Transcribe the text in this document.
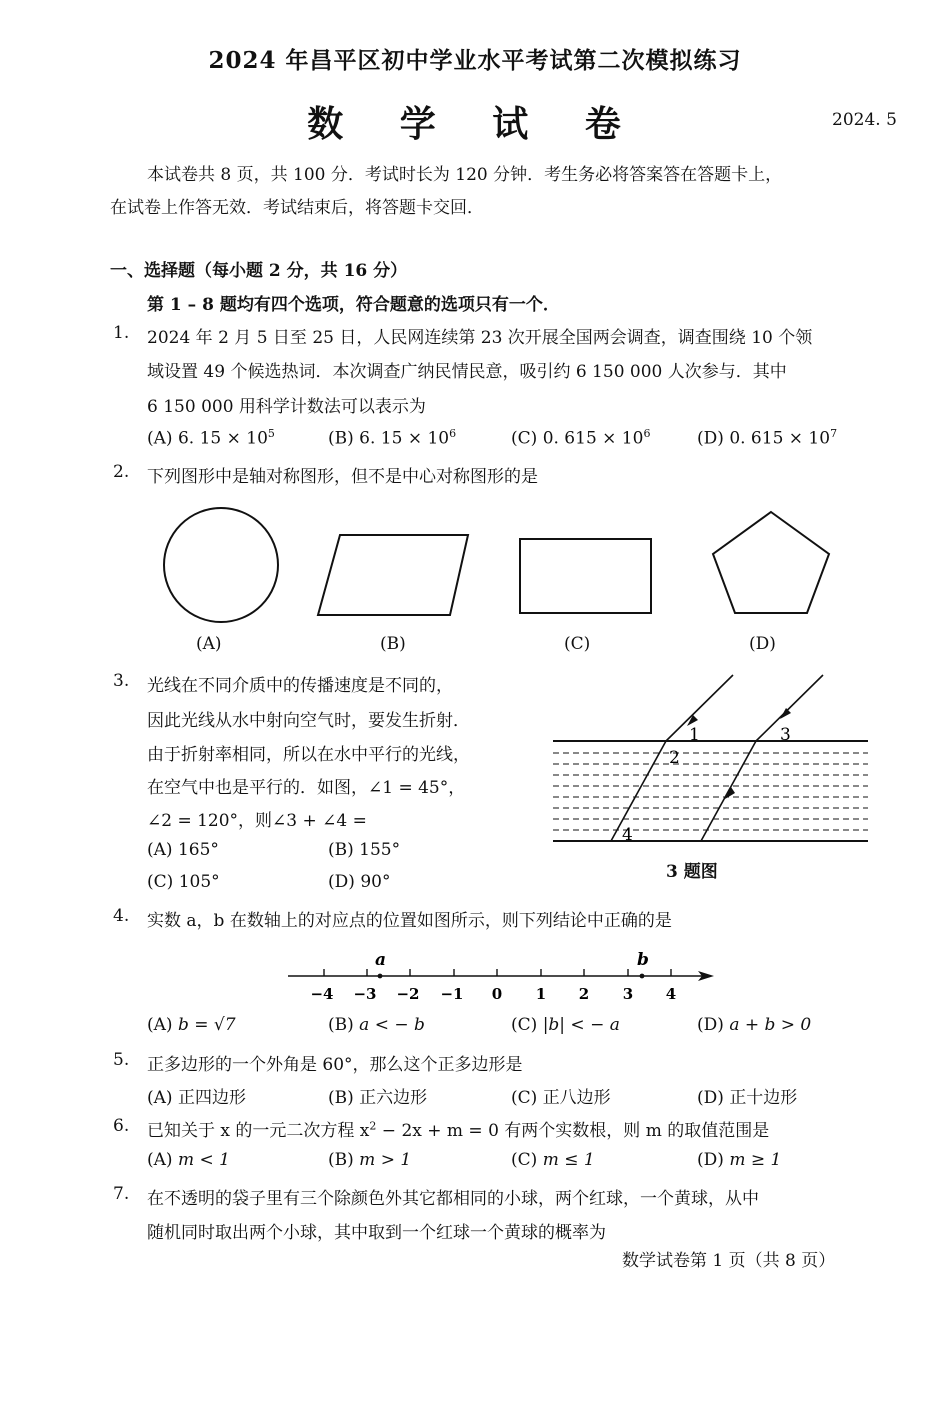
2024 年昌平区初中学业水平考试第二次模拟练习
数 学 试 卷	2024. 5
本试卷共 8 页，共 100 分．考试时长为 120 分钟．考生务必将答案答在答题卡上，
在试卷上作答无效．考试结束后，将答题卡交回．
一、选择题（每小题 2 分，共 16 分）
第 1 – 8 题均有四个选项，符合题意的选项只有一个．
1. 2024 年 2 月 5 日至 25 日，人民网连续第 23 次开展全国两会调查，调查围绕 10 个领
域设置 49 个候选热词．本次调查广纳民情民意，吸引约 6 150 000 人次参与．其中
6 150 000 用科学计数法可以表示为
(A) 6. $15 \times 10^5$	(B) 6. $15 \times 10^6$	(C) 0. $615 \times 10^6$	(D) 0. $615 \times 10^7$
2. 下列图形中是轴对称图形，但不是中心对称图形的是
(A)	(B)	(C)	(D)
3. 光线在不同介质中的传播速度是不同的，
因此光线从水中射向空气时，要发生折射．
由于折射率相同，所以在水中平行的光线，
在空气中也是平行的．如图，∠1 = 45°，
∠2 = 120°，则∠3 + ∠4 =
(A) 165°	(B) 155°
(C) 105°	(D) 90°
1
2
3
4
3 题图
4. 实数 a，b 在数轴上的对应点的位置如图所示，则下列结论中正确的是
a	b
−4 −3 −2 −1 0 1 2 3 4
(A) b = √7	(B) a < − b	(C) |b| < − a	(D) a + b > 0
5. 正多边形的一个外角是 60°，那么这个正多边形是
(A) 正四边形	(B) 正六边形	(C) 正八边形	(D) 正十边形
6. 已知关于 x 的一元二次方程 $x^2 - 2x + m = 0$ 有两个实数根，则 m 的取值范围是
(A) m < 1	(B) m > 1	(C) m ≤ 1	(D) m ≥ 1
7. 在不透明的袋子里有三个除颜色外其它都相同的小球，两个红球，一个黄球，从中
随机同时取出两个小球，其中取到一个红球一个黄球的概率为
数学试卷第 1 页（共 8 页）
